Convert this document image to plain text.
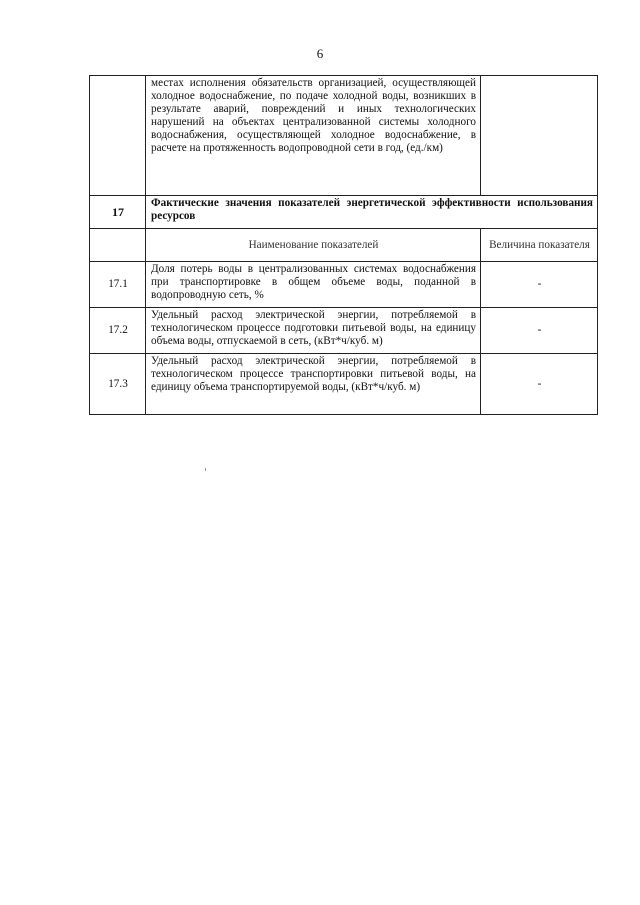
6
	местах исполнения обязательств организацией, осуществляющей холодное водоснабжение, по подаче холодной воды, возникших в результате аварий, повреждений и иных технологических нарушений на объектах централизованной системы холодного водоснабжения, осуществляющей холодное водоснабжение, в расчете на протяженность водопроводной сети в год, (ед./км)	
17	Фактические значения показателей энергетической эффективности использования ресурсов	
	Наименование показателей	Величина показателя
17.1	Доля потерь воды в централизованных системах водоснабжения при транспортировке в общем объеме воды, поданной в водопроводную сеть, %	-
17.2	Удельный расход электрической энергии, потребляемой в технологическом процессе подготовки питьевой воды, на единицу объема воды, отпускаемой в сеть, (кВт*ч/куб. м)	-
17.3	Удельный расход электрической энергии, потребляемой в технологическом процессе транспортировки питьевой воды, на единицу объема транспортируемой воды, (кВт*ч/куб. м)	-
